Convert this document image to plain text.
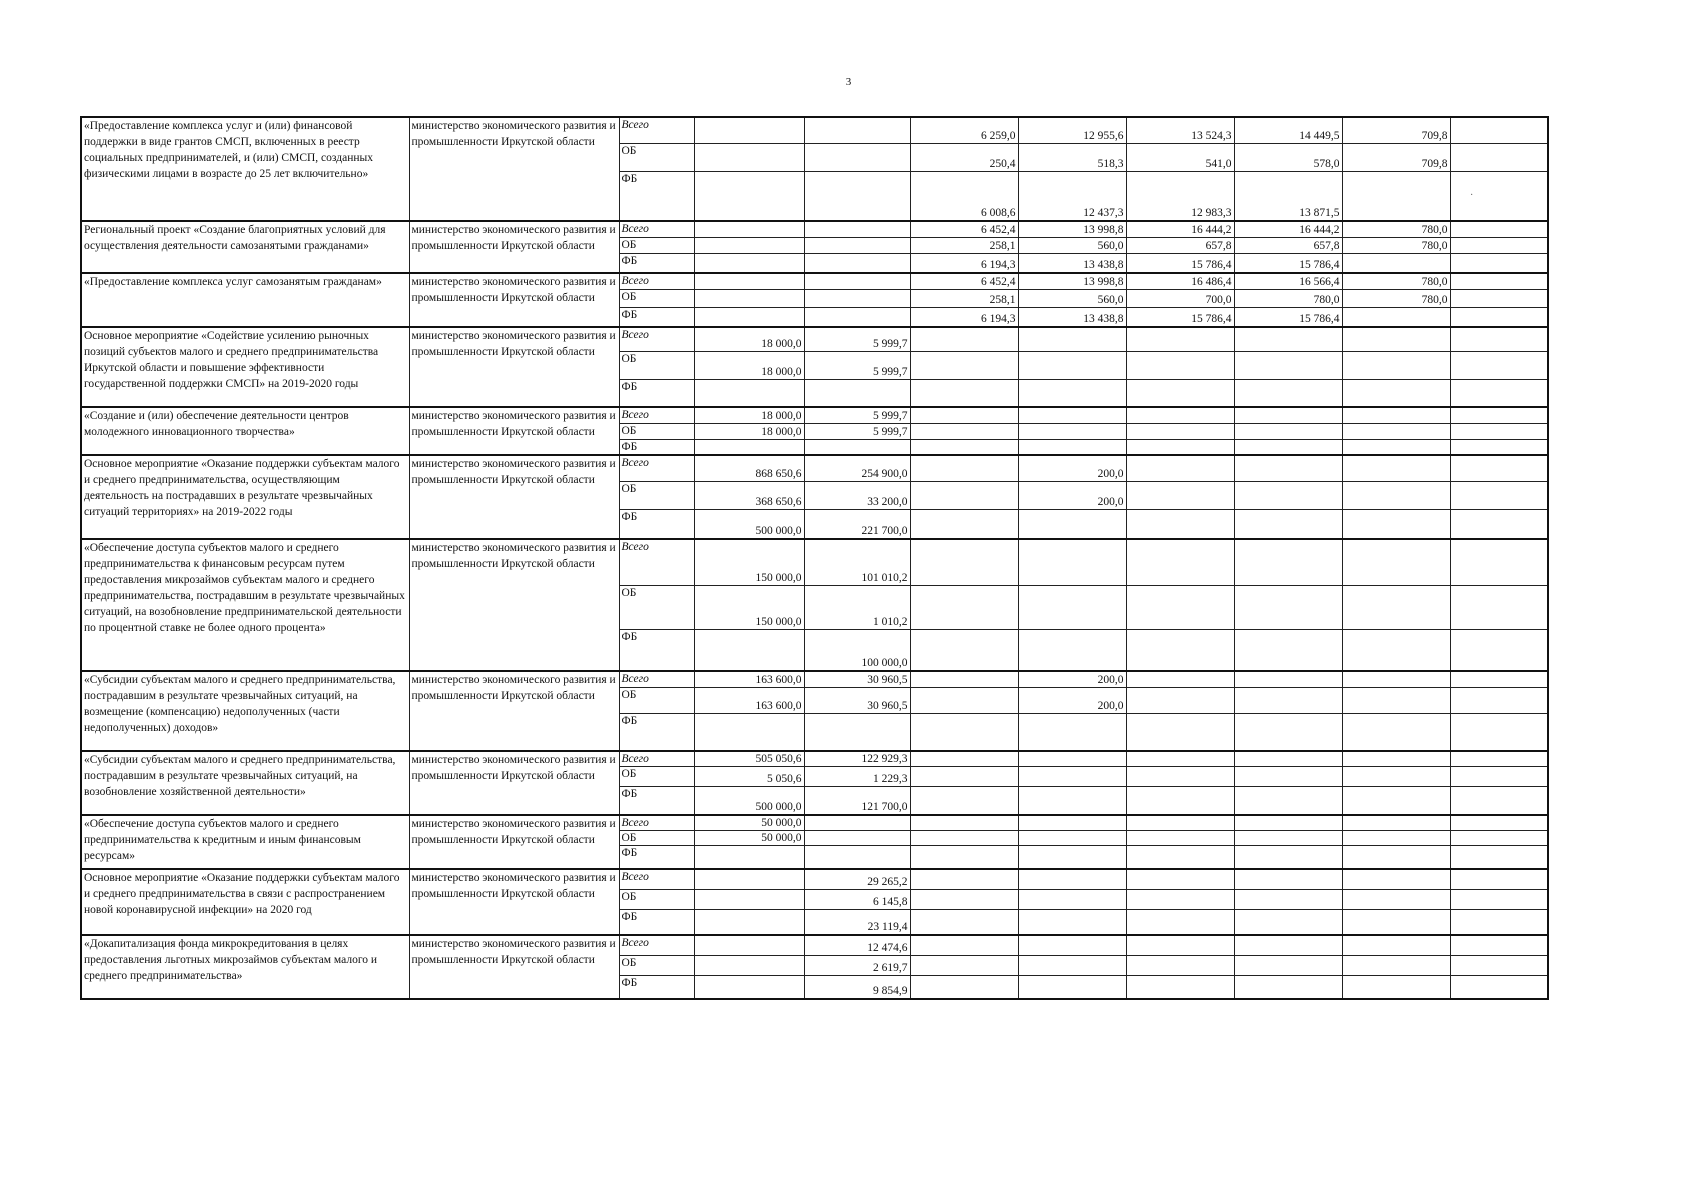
3
«Предоставление комплекса услуг и (или) финансовой поддержки в виде грантов СМСП, включенных в реестр социальных предпринимателей, и (или) СМСП, созданных физическими лицами в возрасте до 25 лет включительно»	министерство экономического развития и промышленности Иркутской области	Всего			6 259,0	12 955,6	13 524,3	14 449,5	709,8	
		ОБ			250,4	518,3	541,0	578,0	709,8	
		ФБ			6 008,6	12 437,3	12 983,3	13 871,5		
Региональный проект «Создание благоприятных условий для осуществления деятельности самозанятыми гражданами»	министерство экономического развития и промышленности Иркутской области	Всего			6 452,4	13 998,8	16 444,2	16 444,2	780,0	
		ОБ			258,1	560,0	657,8	657,8	780,0	
		ФБ			6 194,3	13 438,8	15 786,4	15 786,4		
«Предоставление комплекса услуг самозанятым гражданам»	министерство экономического развития и промышленности Иркутской области	Всего			6 452,4	13 998,8	16 486,4	16 566,4	780,0	
		ОБ			258,1	560,0	700,0	780,0	780,0	
		ФБ			6 194,3	13 438,8	15 786,4	15 786,4		
Основное мероприятие «Содействие усилению рыночных позиций субъектов малого и среднего предпринимательства Иркутской области и повышение эффективности государственной поддержки СМСП» на 2019-2020 годы	министерство экономического развития и промышленности Иркутской области	Всего	18 000,0	5 999,7						
		ОБ	18 000,0	5 999,7						
		ФБ								
«Создание и (или) обеспечение деятельности центров молодежного инновационного творчества»	министерство экономического развития и промышленности Иркутской области	Всего	18 000,0	5 999,7						
		ОБ	18 000,0	5 999,7						
		ФБ								
Основное мероприятие «Оказание поддержки субъектам малого и среднего предпринимательства, осуществляющим деятельность на пострадавших в результате чрезвычайных ситуаций территориях» на 2019-2022 годы	министерство экономического развития и промышленности Иркутской области	Всего	868 650,6	254 900,0		200,0				
		ОБ	368 650,6	33 200,0		200,0				
		ФБ	500 000,0	221 700,0						
«Обеспечение доступа субъектов малого и среднего предпринимательства к финансовым ресурсам путем предоставления микрозаймов субъектам малого и среднего предпринимательства, пострадавшим в результате чрезвычайных ситуаций, на возобновление предпринимательской деятельности по процентной ставке не более одного процента»	министерство экономического развития и промышленности Иркутской области	Всего	150 000,0	101 010,2						
		ОБ	150 000,0	1 010,2						
		ФБ		100 000,0						
«Субсидии субъектам малого и среднего предпринимательства, пострадавшим в результате чрезвычайных ситуаций, на возмещение (компенсацию) недополученных (части недополученных) доходов»	министерство экономического развития и промышленности Иркутской области	Всего	163 600,0	30 960,5		200,0				
		ОБ	163 600,0	30 960,5		200,0				
		ФБ								
«Субсидии субъектам малого и среднего предпринимательства, пострадавшим в результате чрезвычайных ситуаций, на возобновление хозяйственной деятельности»	министерство экономического развития и промышленности Иркутской области	Всего	505 050,6	122 929,3						
		ОБ	5 050,6	1 229,3						
		ФБ	500 000,0	121 700,0						
«Обеспечение доступа субъектов малого и среднего предпринимательства к кредитным и иным финансовым ресурсам»	министерство экономического развития и промышленности Иркутской области	Всего	50 000,0							
		ОБ	50 000,0							
		ФБ								
Основное мероприятие «Оказание поддержки субъектам малого и среднего предпринимательства в связи с распространением новой коронавирусной инфекции» на 2020 год	министерство экономического развития и промышленности Иркутской области	Всего		29 265,2						
		ОБ		6 145,8						
		ФБ		23 119,4						
«Докапитализация фонда микрокредитования в целях предоставления льготных микрозаймов субъектам малого и среднего предпринимательства»	министерство экономического развития и промышленности Иркутской области	Всего		12 474,6						
		ОБ		2 619,7						
		ФБ		9 854,9						
·
